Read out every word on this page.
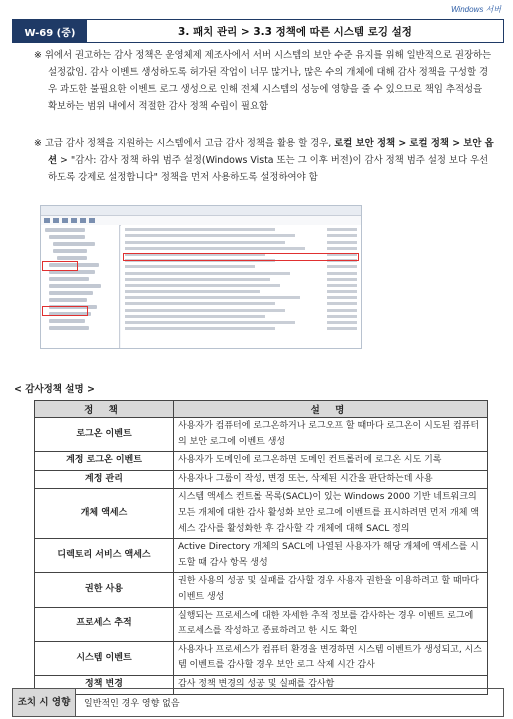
Windows 서버
W-69 (중)	3. 패치 관리 > 3.3 정책에 따른 시스템 로깅 설정
※ 위에서 권고하는 감사 정책은 운영체제 제조사에서 서버 시스템의 보안 수준 유지를 위해 일반적으로 권장하는 설정값임. 감사 이벤트 생성하도록 허가된 작업이 너무 많거나, 많은 수의 개체에 대해 감사 정책을 구성할 경우 과도한 불필요한 이벤트 로그 생성으로 인해 전체 시스템의 성능에 영향을 줄 수 있으므로 책임 추적성을 확보하는 범위 내에서 적절한 감사 정책 수립이 필요함
※ 고급 감사 정책을 지원하는 시스템에서 고급 감사 정책을 활용 할 경우, 로컬 보안 정책 > 로컬 정책 > 보안 옵션 > "감사: 감사 정책 하위 범주 설정(Windows Vista 또는 그 이후 버전)이 감사 정책 범주 설정 보다 우선하도록 강제로 설정합니다" 정책을 먼저 사용하도록 설정하여야 함
< 감사정책 설명 >
정 책	설 명
로그온 이벤트	사용자가 컴퓨터에 로그온하거나 로그오프 할 때마다 로그온이 시도된 컴퓨터의 보안 로그에 이벤트 생성
계정 로그온 이벤트	사용자가 도메인에 로그온하면 도메인 컨트롤러에 로그온 시도 기록
계정 관리	사용자나 그룹이 작성, 변경 또는, 삭제된 시간을 판단하는데 사용
개체 액세스	시스템 액세스 컨트롤 목록(SACL)이 있는 Windows 2000 기반 네트워크의 모든 개체에 대한 감사 활성화 보안 로그에 이벤트를 표시하려면 먼저 개체 액세스 감사를 활성화한 후 감사할 각 개체에 대해 SACL 정의
디렉토리 서비스 액세스	Active Directory 개체의 SACL에 나열된 사용자가 해당 개체에 액세스를 시도할 때 감사 항목 생성
권한 사용	권한 사용의 성공 및 실패를 감사할 경우 사용자 권한을 이용하려고 할 때마다 이벤트 생성
프로세스 추적	실행되는 프로세스에 대한 자세한 추적 정보를 감사하는 경우 이벤트 로그에 프로세스를 작성하고 종료하려고 한 시도 확인
시스템 이벤트	사용자나 프로세스가 컴퓨터 환경을 변경하면 시스템 이벤트가 생성되고, 시스템 이벤트를 감사할 경우 보안 로그 삭제 시간 감사
정책 변경	감사 정책 변경의 성공 및 실패를 감사함
조치 시 영향	일반적인 경우 영향 없음
